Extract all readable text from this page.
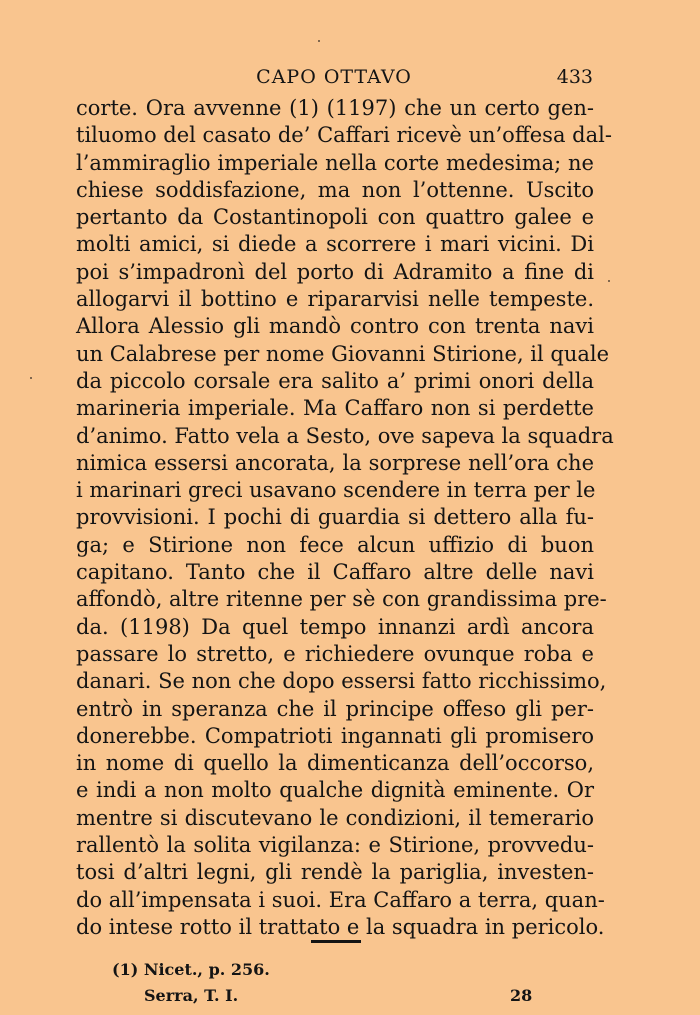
CAPO OTTAVO	433
corte. Ora avvenne (1) (1197) che un certo gen-
tiluomo del casato de’ Caffari ricevè un’offesa dal-
l’ammiraglio imperiale nella corte medesima; ne
chiese soddisfazione, ma non l’ottenne. Uscito
pertanto da Costantinopoli con quattro galee e
molti amici, si diede a scorrere i mari vicini. Di
poi s’impadronì del porto di Adramito a fine di
allogarvi il bottino e ripararvisi nelle tempeste.
Allora Alessio gli mandò contro con trenta navi
un Calabrese per nome Giovanni Stirione, il quale
da piccolo corsale era salito a’ primi onori della
marineria imperiale. Ma Caffaro non si perdette
d’animo. Fatto vela a Sesto, ove sapeva la squadra
nimica essersi ancorata, la sorprese nell’ora che
i marinari greci usavano scendere in terra per le
provvisioni. I pochi di guardia si dettero alla fu-
ga; e Stirione non fece alcun uffizio di buon
capitano. Tanto che il Caffaro altre delle navi
affondò, altre ritenne per sè con grandissima pre-
da. (1198) Da quel tempo innanzi ardì ancora
passare lo stretto, e richiedere ovunque roba e
danari. Se non che dopo essersi fatto ricchissimo,
entrò in speranza che il principe offeso gli per-
donerebbe. Compatrioti ingannati gli promisero
in nome di quello la dimenticanza dell’occorso,
e indi a non molto qualche dignità eminente. Or
mentre si discutevano le condizioni, il temerario
rallentò la solita vigilanza: e Stirione, provvedu-
tosi d’altri legni, gli rendè la pariglia, investen-
do all’impensata i suoi. Era Caffaro a terra, quan-
do intese rotto il trattato e la squadra in pericolo.
(1) Nicet., p. 256.
Serra, T. I.	28
